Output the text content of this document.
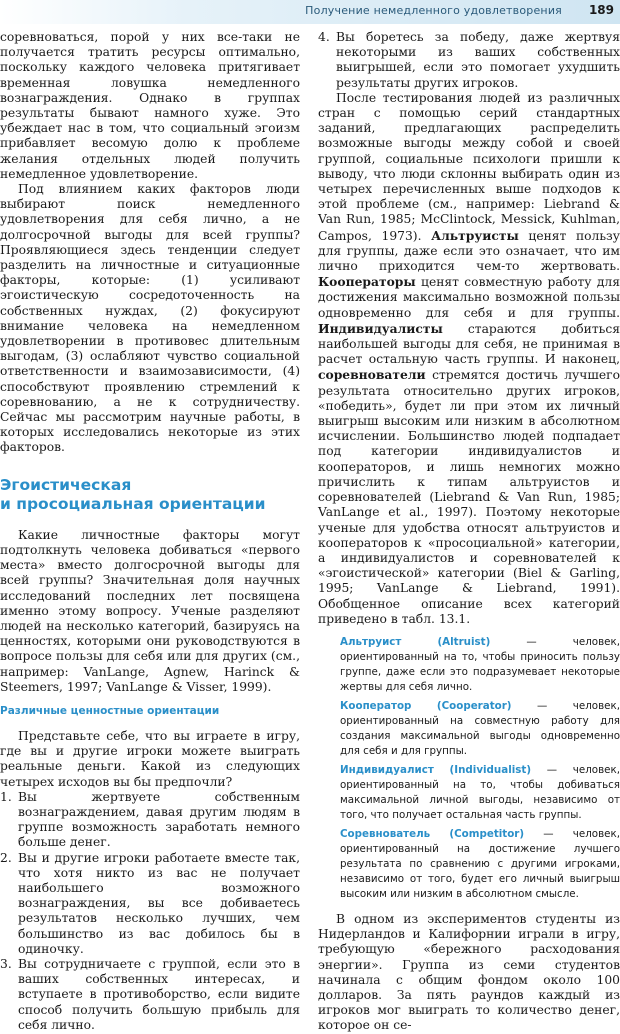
Получение немедленного удовлетворения 189

соревноваться, порой у них все-таки не получается тратить ресурсы оптимально, поскольку каждого человека притягивает временная ловушка немедленного вознаграждения. Однако в группах результаты бывают намного хуже. Это убеждает нас в том, что социальный эгоизм прибавляет весомую долю к проблеме желания отдельных людей получить немедленное удовлетворение.

Под влиянием каких факторов люди выбирают поиск немедленного удовлетворения для себя лично, а не долгосрочной выгоды для всей группы? Проявляющиеся здесь тенденции следует разделить на личностные и ситуационные факторы, которые: (1) усиливают эгоистическую сосредоточенность на собственных нуждах, (2) фокусируют внимание человека на немедленном удовлетворении в противовес длительным выгодам, (3) ослабляют чувство социальной ответственности и взаимозависимости, (4) способствуют проявлению стремлений к соревнованию, а не к сотрудничеству. Сейчас мы рассмотрим научные работы, в которых исследовались некоторые из этих факторов.

Эгоистическая
и просоциальная ориентации

Какие личностные факторы могут подтолкнуть человека добиваться «первого места» вместо долгосрочной выгоды для всей группы? Значительная доля научных исследований последних лет посвящена именно этому вопросу. Ученые разделяют людей на несколько категорий, базируясь на ценностях, которыми они руководствуются в вопросе пользы для себя или для других (см., например: VanLange, Agnew, Harinck & Steemers, 1997; VanLange & Visser, 1999).

Различные ценностные ориентации

Представьте себе, что вы играете в игру, где вы и другие игроки можете выиграть реальные деньги. Какой из следующих четырех исходов вы бы предпочли?

1. Вы жертвуете собственным вознаграждением, давая другим людям в группе возможность заработать немного больше денег.
2. Вы и другие игроки работаете вместе так, что хотя никто из вас не получает наибольшего возможного вознаграждения, вы все добиваетесь результатов несколько лучших, чем большинство из вас добилось бы в одиночку.
3. Вы сотрудничаете с группой, если это в ваших собственных интересах, и вступаете в противоборство, если видите способ получить большую прибыль для себя лично.
4. Вы боретесь за победу, даже жертвуя некоторыми из ваших собственных выигрышей, если это помогает ухудшить результаты других игроков.

После тестирования людей из различных стран с помощью серий стандартных заданий, предлагающих распределить возможные выгоды между собой и своей группой, социальные психологи пришли к выводу, что люди склонны выбирать один из четырех перечисленных выше подходов к этой проблеме (см., например: Liebrand & Van Run, 1985; McClintock, Messick, Kuhlman, Campos, 1973). Альтруисты ценят пользу для группы, даже если это означает, что им лично приходится чем-то жертвовать. Кооператоры ценят совместную работу для достижения максимально возможной пользы одновременно для себя и для группы. Индивидуалисты стараются добиться наибольшей выгоды для себя, не принимая в расчет остальную часть группы. И наконец, соревнователи стремятся достичь лучшего результата относительно других игроков, «победить», будет ли при этом их личный выигрыш высоким или низким в абсолютном исчислении. Большинство людей подпадает под категории индивидуалистов и кооператоров, и лишь немногих можно причислить к типам альтруистов и соревнователей (Liebrand & Van Run, 1985; VanLange et al., 1997). Поэтому некоторые ученые для удобства относят альтруистов и кооператоров к «просоциальной» категории, а индивидуалистов и соревнователей к «эгоистической» категории (Biel & Garling, 1995; VanLange & Liebrand, 1991). Обобщенное описание всех категорий приведено в табл. 13.1.

Альтруист	(Altruist) — человек, ориентированный на то, чтобы приносить пользу группе, даже если это подразумевает некоторые жертвы для себя лично.
Кооператор (Cooperator) — человек, ориентированный на совместную работу для создания максимальной выгоды одновременно для себя и для группы.
Индивидуалист (Individualist) — человек, ориентированный на то, чтобы добиваться максимальной личной выгоды, независимо от того, что получает остальная часть группы.
Соревнователь (Competitor) — человек, ориентированный на достижение лучшего результата по сравнению с другими игроками, независимо от того, будет его личный выигрыш высоким или низким в абсолютном смысле.

В одном из экспериментов студенты из Нидерландов и Калифорнии играли в игру, требующую «бережного расходования энергии». Группа из семи студентов начинала с общим фондом около 100 долларов. За пять раундов каждый из игроков мог выиграть то количество денег, которое он се-
